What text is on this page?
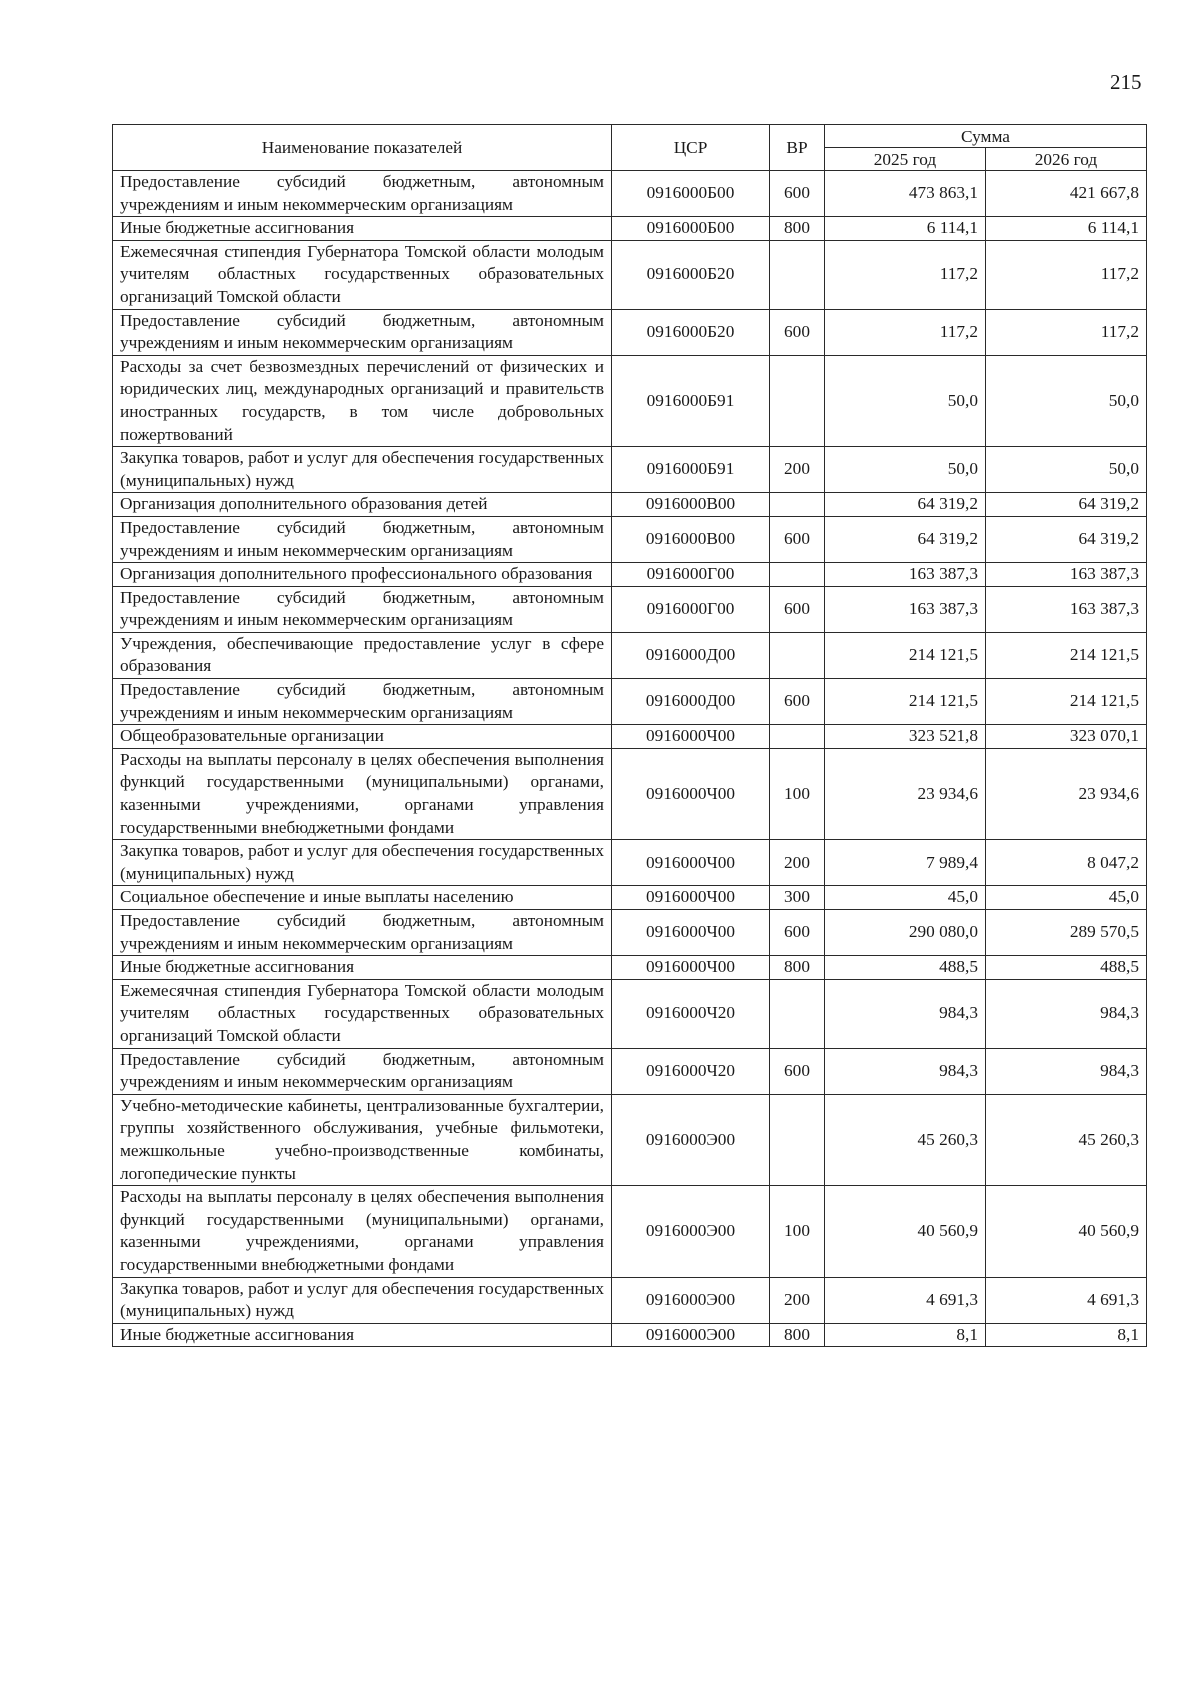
215
Наименование показателей	ЦСР	ВР	Сумма	
			2025 год	2026 год
Предоставление субсидий бюджетным, автономным учреждениям и иным некоммерческим организациям	0916000Б00	600	473 863,1	421 667,8
Иные бюджетные ассигнования	0916000Б00	800	6 114,1	6 114,1
Ежемесячная стипендия Губернатора Томской области молодым учителям областных государственных образовательных организаций Томской области	0916000Б20		117,2	117,2
Предоставление субсидий бюджетным, автономным учреждениям и иным некоммерческим организациям	0916000Б20	600	117,2	117,2
Расходы за счет безвозмездных перечислений от физических и юридических лиц, международных организаций и правительств иностранных государств, в том числе добровольных пожертвований	0916000Б91		50,0	50,0
Закупка товаров, работ и услуг для обеспечения государственных (муниципальных) нужд	0916000Б91	200	50,0	50,0
Организация дополнительного образования детей	0916000В00		64 319,2	64 319,2
Предоставление субсидий бюджетным, автономным учреждениям и иным некоммерческим организациям	0916000В00	600	64 319,2	64 319,2
Организация дополнительного профессионального образования	0916000Г00		163 387,3	163 387,3
Предоставление субсидий бюджетным, автономным учреждениям и иным некоммерческим организациям	0916000Г00	600	163 387,3	163 387,3
Учреждения, обеспечивающие предоставление услуг в сфере образования	0916000Д00		214 121,5	214 121,5
Предоставление субсидий бюджетным, автономным учреждениям и иным некоммерческим организациям	0916000Д00	600	214 121,5	214 121,5
Общеобразовательные организации	0916000Ч00		323 521,8	323 070,1
Расходы на выплаты персоналу в целях обеспечения выполнения функций государственными (муниципальными) органами, казенными учреждениями, органами управления государственными внебюджетными фондами	0916000Ч00	100	23 934,6	23 934,6
Закупка товаров, работ и услуг для обеспечения государственных (муниципальных) нужд	0916000Ч00	200	7 989,4	8 047,2
Социальное обеспечение и иные выплаты населению	0916000Ч00	300	45,0	45,0
Предоставление субсидий бюджетным, автономным учреждениям и иным некоммерческим организациям	0916000Ч00	600	290 080,0	289 570,5
Иные бюджетные ассигнования	0916000Ч00	800	488,5	488,5
Ежемесячная стипендия Губернатора Томской области молодым учителям областных государственных образовательных организаций Томской области	0916000Ч20		984,3	984,3
Предоставление субсидий бюджетным, автономным учреждениям и иным некоммерческим организациям	0916000Ч20	600	984,3	984,3
Учебно-методические кабинеты, централизованные бухгалтерии, группы хозяйственного обслуживания, учебные фильмотеки, межшкольные учебно-производственные комбинаты, логопедические пункты	0916000Э00		45 260,3	45 260,3
Расходы на выплаты персоналу в целях обеспечения выполнения функций государственными (муниципальными) органами, казенными учреждениями, органами управления государственными внебюджетными фондами	0916000Э00	100	40 560,9	40 560,9
Закупка товаров, работ и услуг для обеспечения государственных (муниципальных) нужд	0916000Э00	200	4 691,3	4 691,3
Иные бюджетные ассигнования	0916000Э00	800	8,1	8,1
